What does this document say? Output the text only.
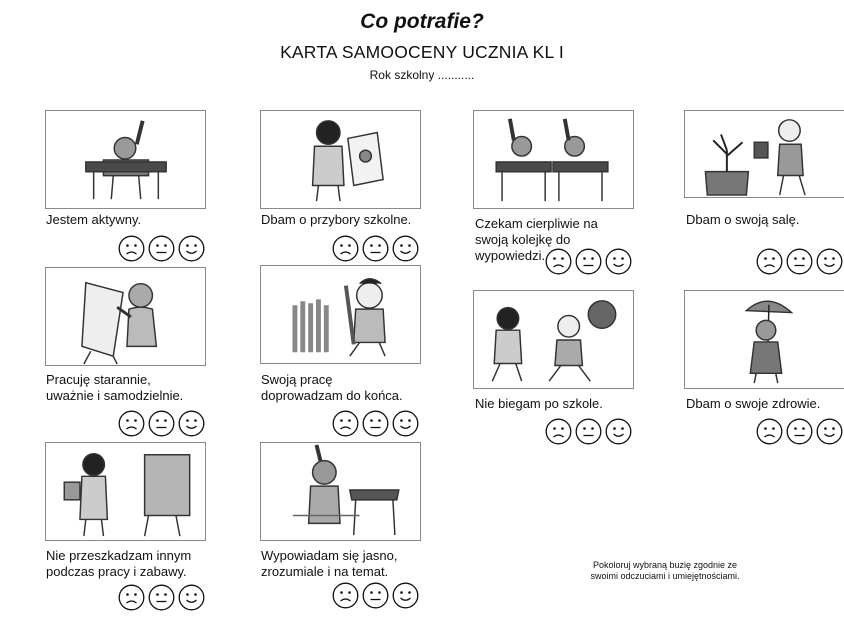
Co potrafie?
KARTA SAMOOCENY UCZNIA KL I
Rok szkolny ...........
Jestem aktywny.
Pracuję starannie,
uważnie i samodzielnie.
Nie przeszkadzam innym
podczas pracy i zabawy.
Dbam o przybory szkolne.
Swoją pracę
doprowadzam do końca.
Wypowiadam się jasno,
zrozumiale i na temat.
Czekam cierpliwie na
swoją kolejkę do
wypowiedzi.
Nie biegam po szkole.
Dbam o swoją salę.
Dbam o swoje zdrowie.
Pokoloruj wybraną buzię zgodnie ze
swoimi odczuciami i umiejętnościami.
